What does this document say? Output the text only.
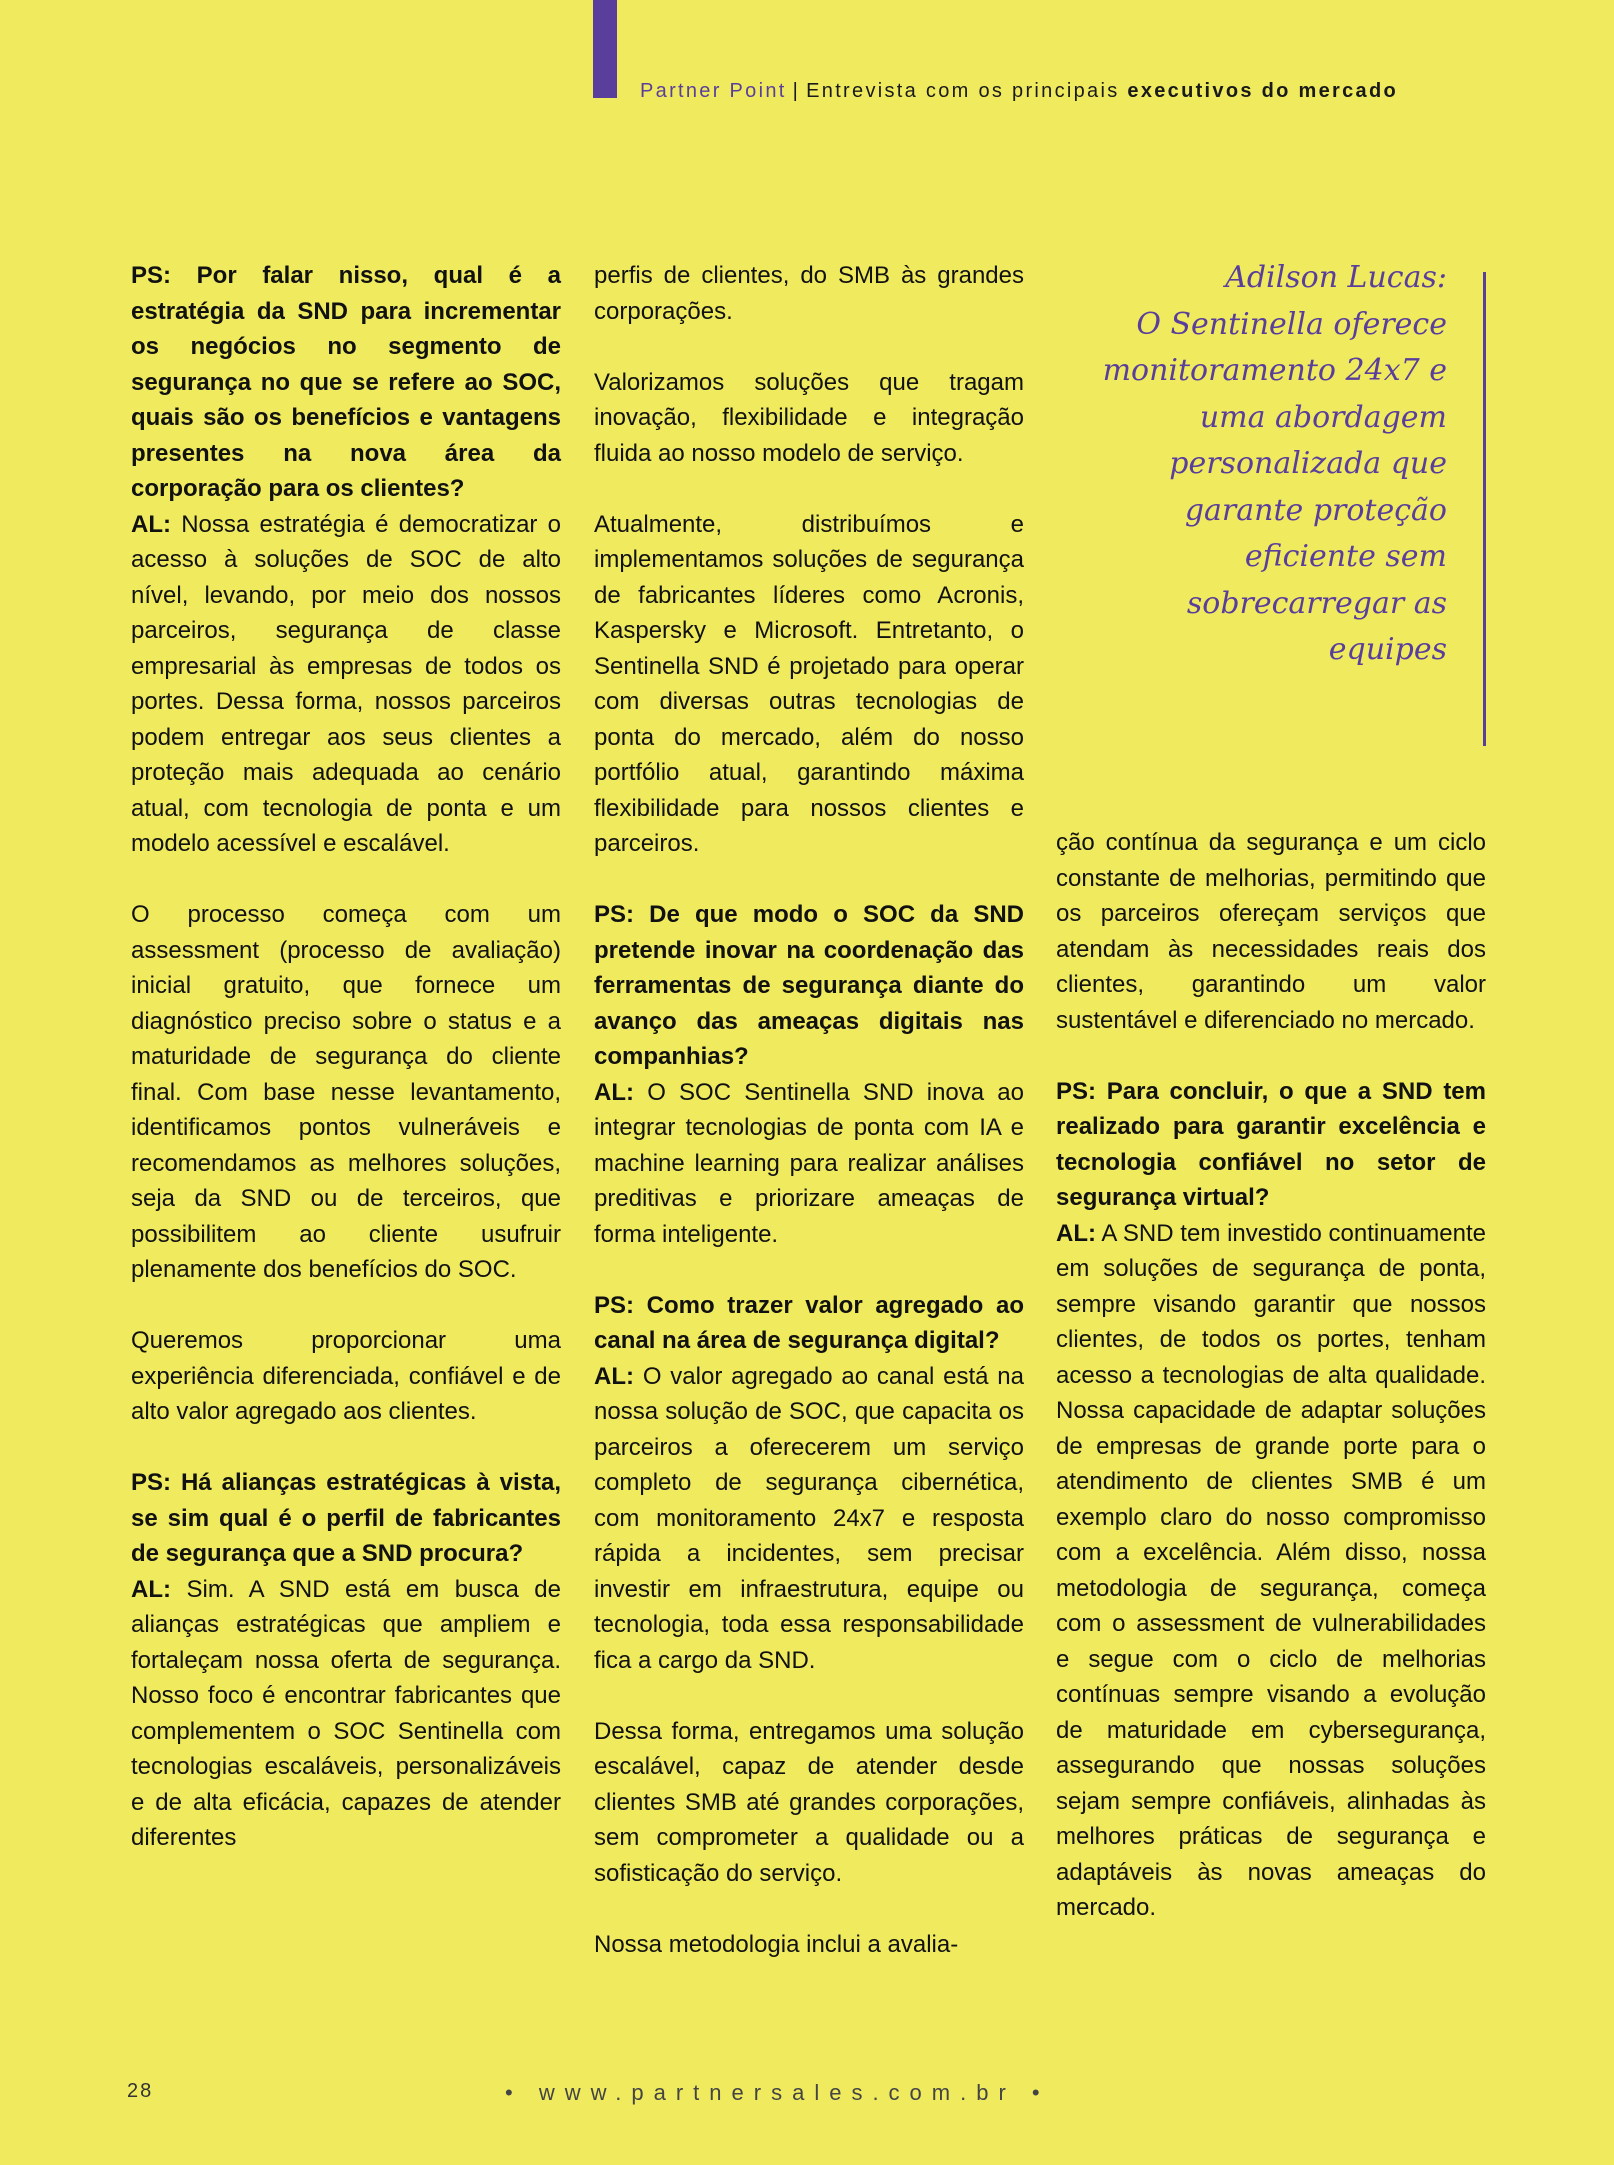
Partner Point | Entrevista com os principais executivos do mercado

PS: Por falar nisso, qual é a estratégia da SND para incrementar os negócios no segmento de segurança no que se refere ao SOC, quais são os benefícios e vantagens presentes na nova área da corporação para os clientes?

AL: Nossa estratégia é democratizar o acesso à soluções de SOC de alto nível, levando, por meio dos nossos parceiros, segurança de classe empresarial às empresas de todos os portes. Dessa forma, nossos parceiros podem entregar aos seus clientes a proteção mais adequada ao cenário atual, com tecnologia de ponta e um modelo acessível e escalável.

O processo começa com um assessment (processo de avaliação) inicial gratuito, que fornece um diagnóstico preciso sobre o status e a maturidade de segurança do cliente final. Com base nesse levantamento, identificamos pontos vulneráveis e recomendamos as melhores soluções, seja da SND ou de terceiros, que possibilitem ao cliente usufruir plenamente dos benefícios do SOC.

Queremos proporcionar uma experiência diferenciada, confiável e de alto valor agregado aos clientes.

PS: Há alianças estratégicas à vista, se sim qual é o perfil de fabricantes de segurança que a SND procura?

AL: Sim. A SND está em busca de alianças estratégicas que ampliem e fortaleçam nossa oferta de segurança. Nosso foco é encontrar fabricantes que complementem o SOC Sentinella com tecnologias escaláveis, personalizáveis e de alta eficácia, capazes de atender diferentes

perfis de clientes, do SMB às grandes corporações.

Valorizamos soluções que tragam inovação, flexibilidade e integração fluida ao nosso modelo de serviço.

Atualmente, distribuímos e implementamos soluções de segurança de fabricantes líderes como Acronis, Kaspersky e Microsoft. Entretanto, o Sentinella SND é projetado para operar com diversas outras tecnologias de ponta do mercado, além do nosso portfólio atual, garantindo máxima flexibilidade para nossos clientes e parceiros.

PS: De que modo o SOC da SND pretende inovar na coordenação das ferramentas de segurança diante do avanço das ameaças digitais nas companhias?

AL: O SOC Sentinella SND inova ao integrar tecnologias de ponta com IA e machine learning para realizar análises preditivas e priorizare ameaças de forma inteligente.

PS: Como trazer valor agregado ao canal na área de segurança digital?

AL: O valor agregado ao canal está na nossa solução de SOC, que capacita os parceiros a oferecerem um serviço completo de segurança cibernética, com monitoramento 24x7 e resposta rápida a incidentes, sem precisar investir em infraestrutura, equipe ou tecnologia, toda essa responsabilidade fica a cargo da SND.

Dessa forma, entregamos uma solução escalável, capaz de atender desde clientes SMB até grandes corporações, sem comprometer a qualidade ou a sofisticação do serviço.

Nossa metodologia inclui a avalia-

Adilson Lucas:

O Sentinella oferece monitoramento 24x7 e uma abordagem personalizada que garante proteção eficiente sem sobrecarregar as equipes

ção contínua da segurança e um ciclo constante de melhorias, permitindo que os parceiros ofereçam serviços que atendam às necessidades reais dos clientes, garantindo um valor sustentável e diferenciado no mercado.

PS: Para concluir, o que a SND tem realizado para garantir excelência e tecnologia confiável no setor de segurança virtual?

AL: A SND tem investido continuamente em soluções de segurança de ponta, sempre visando garantir que nossos clientes, de todos os portes, tenham acesso a tecnologias de alta qualidade. Nossa capacidade de adaptar soluções de empresas de grande porte para o atendimento de clientes SMB é um exemplo claro do nosso compromisso com a excelência. Além disso, nossa metodologia de segurança, começa com o assessment de vulnerabilidades e segue com o ciclo de melhorias contínuas sempre visando a evolução de maturidade em cybersegurança, assegurando que nossas soluções sejam sempre confiáveis, alinhadas às melhores práticas de segurança e adaptáveis às novas ameaças do mercado.

28	• www.partnersales.com.br •
